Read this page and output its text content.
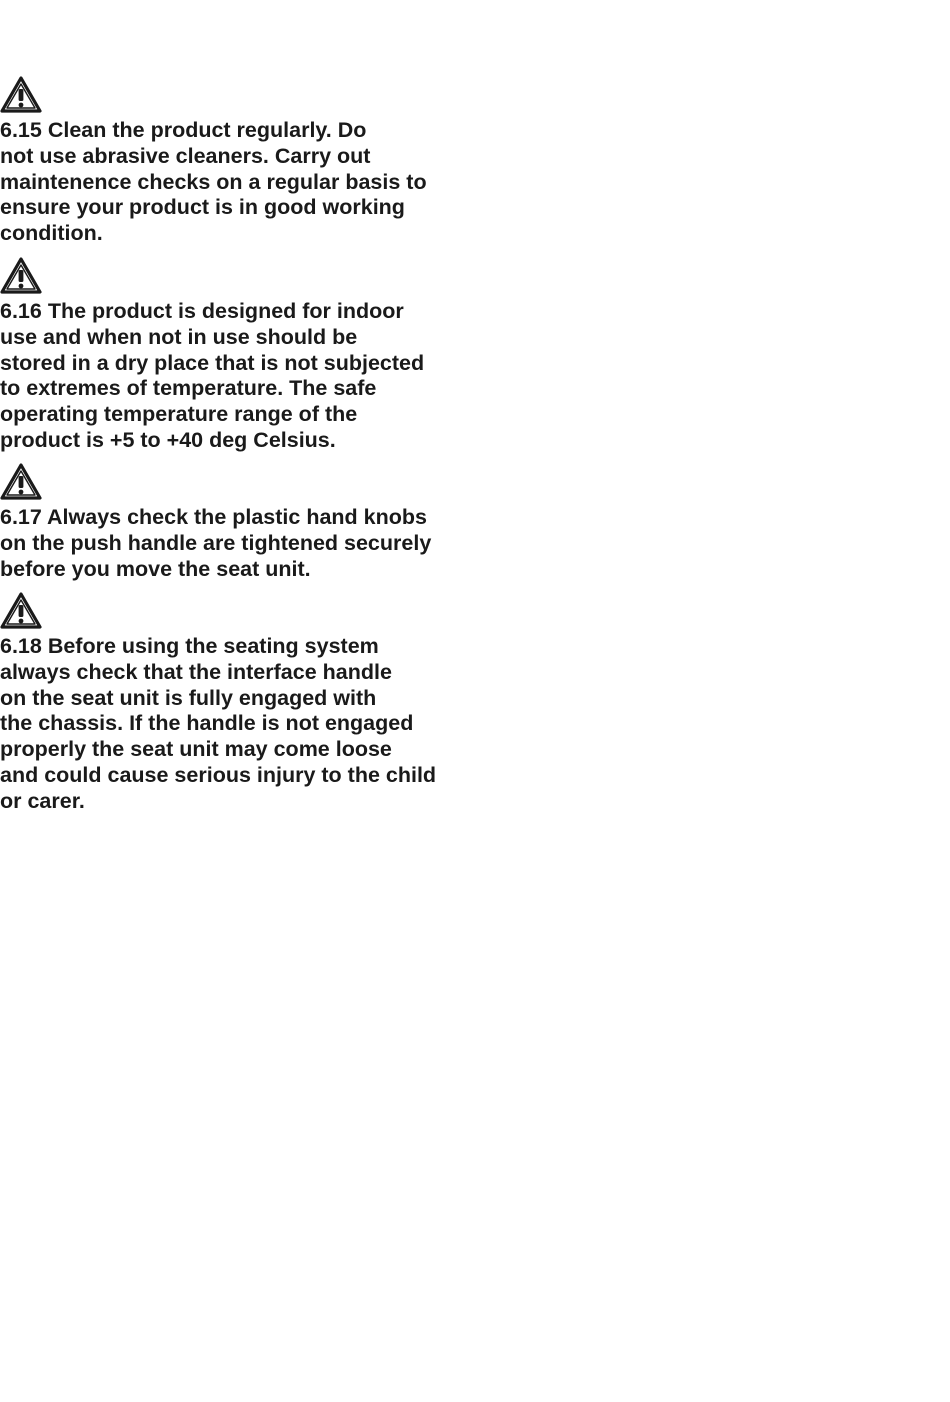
6.15 Clean the product regularly. Do
not use abrasive cleaners. Carry out
maintenence checks on a regular basis to
ensure your product is in good working
condition.
6.16 The product is designed for indoor
use and when not in use should be
stored in a dry place that is not subjected
to extremes of temperature. The safe
operating temperature range of the
product is +5 to +40 deg Celsius.
6.17 Always check the plastic hand knobs
on the push handle are tightened securely
before you move the seat unit.
6.18 Before using the seating system
always check that the interface handle
on the seat unit is fully engaged with
the chassis. If the handle is not engaged
properly the seat unit may come loose
and could cause serious injury to the child
or carer.
